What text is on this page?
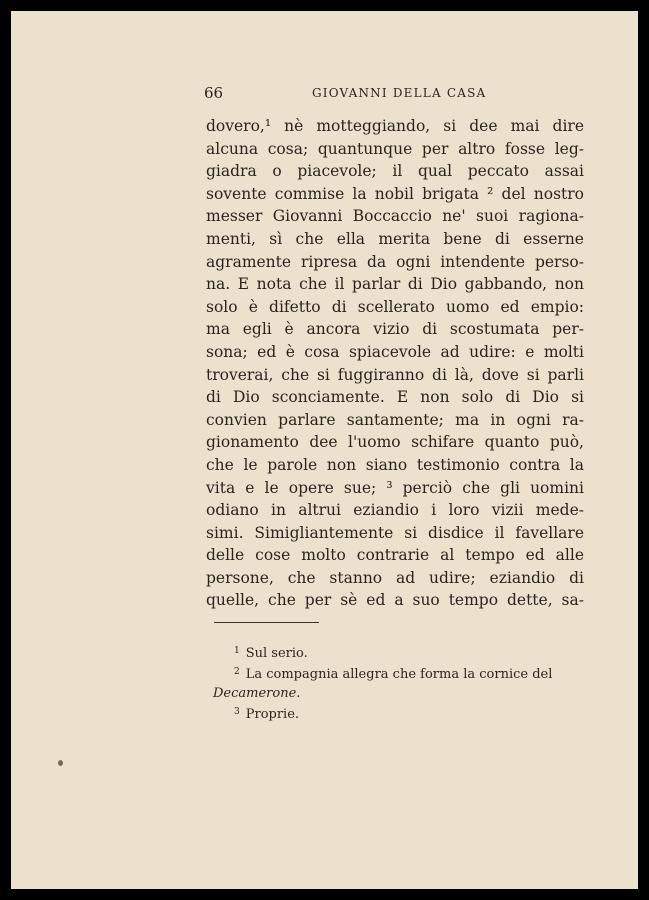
66	GIOVANNI DELLA CASA
dovero,¹ nè motteggiando, si dee mai dire
alcuna cosa; quantunque per altro fosse leg-
giadra o piacevole; il qual peccato assai
sovente commise la nobil brigata ² del nostro
messer Giovanni Boccaccio ne' suoi ragiona-
menti, sì che ella merita bene di esserne
agramente ripresa da ogni intendente perso-
na. E nota che il parlar di Dio gabbando, non
solo è difetto di scellerato uomo ed empio:
ma egli è ancora vizio di scostumata per-
sona; ed è cosa spiacevole ad udire: e molti
troverai, che si fuggiranno di là, dove si parli
di Dio sconciamente. E non solo di Dio si
convien parlare santamente; ma in ogni ra-
gionamento dee l'uomo schifare quanto può,
che le parole non siano testimonio contra la
vita e le opere sue; ³ perciò che gli uomini
odiano in altrui eziandio i loro vizii mede-
simi. Simigliantemente si disdice il favellare
delle cose molto contrarie al tempo ed alle
persone, che stanno ad udire; eziandio di
quelle, che per sè ed a suo tempo dette, sa-
$^1$ Sul serio.
$^2$ La compagnia allegra che forma la cornice del
Decamerone.
$^3$ Proprie.
